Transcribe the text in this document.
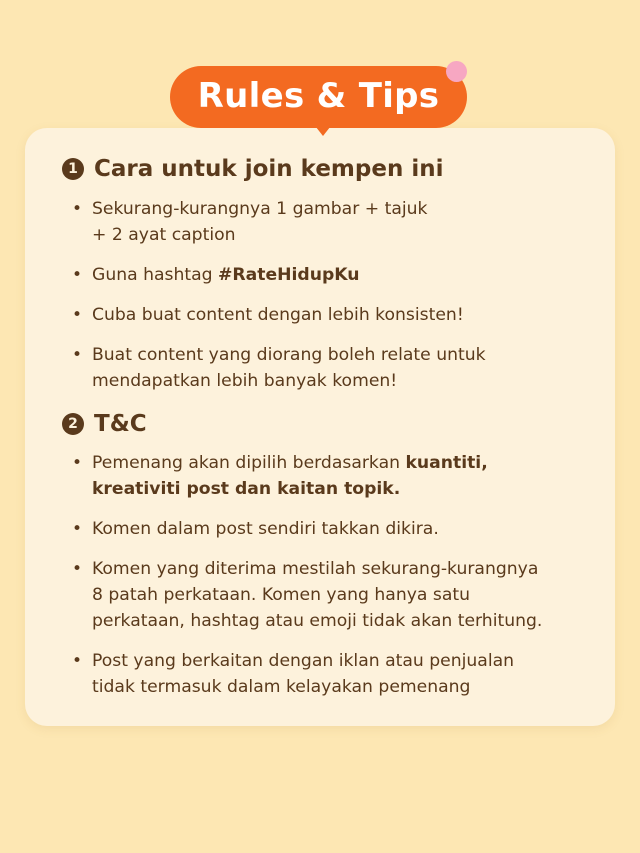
Rules & Tips
1 Cara untuk join kempen ini
• Sekurang-kurangnya 1 gambar + tajuk
+ 2 ayat caption
• Guna hashtag #RateHidupKu
• Cuba buat content dengan lebih konsisten!
• Buat content yang diorang boleh relate untuk
mendapatkan lebih banyak komen!
2 T&C
• Pemenang akan dipilih berdasarkan kuantiti,
kreativiti post dan kaitan topik.
• Komen dalam post sendiri takkan dikira.
• Komen yang diterima mestilah sekurang-kurangnya
8 patah perkataan. Komen yang hanya satu
perkataan, hashtag atau emoji tidak akan terhitung.
• Post yang berkaitan dengan iklan atau penjualan
tidak termasuk dalam kelayakan pemenang
